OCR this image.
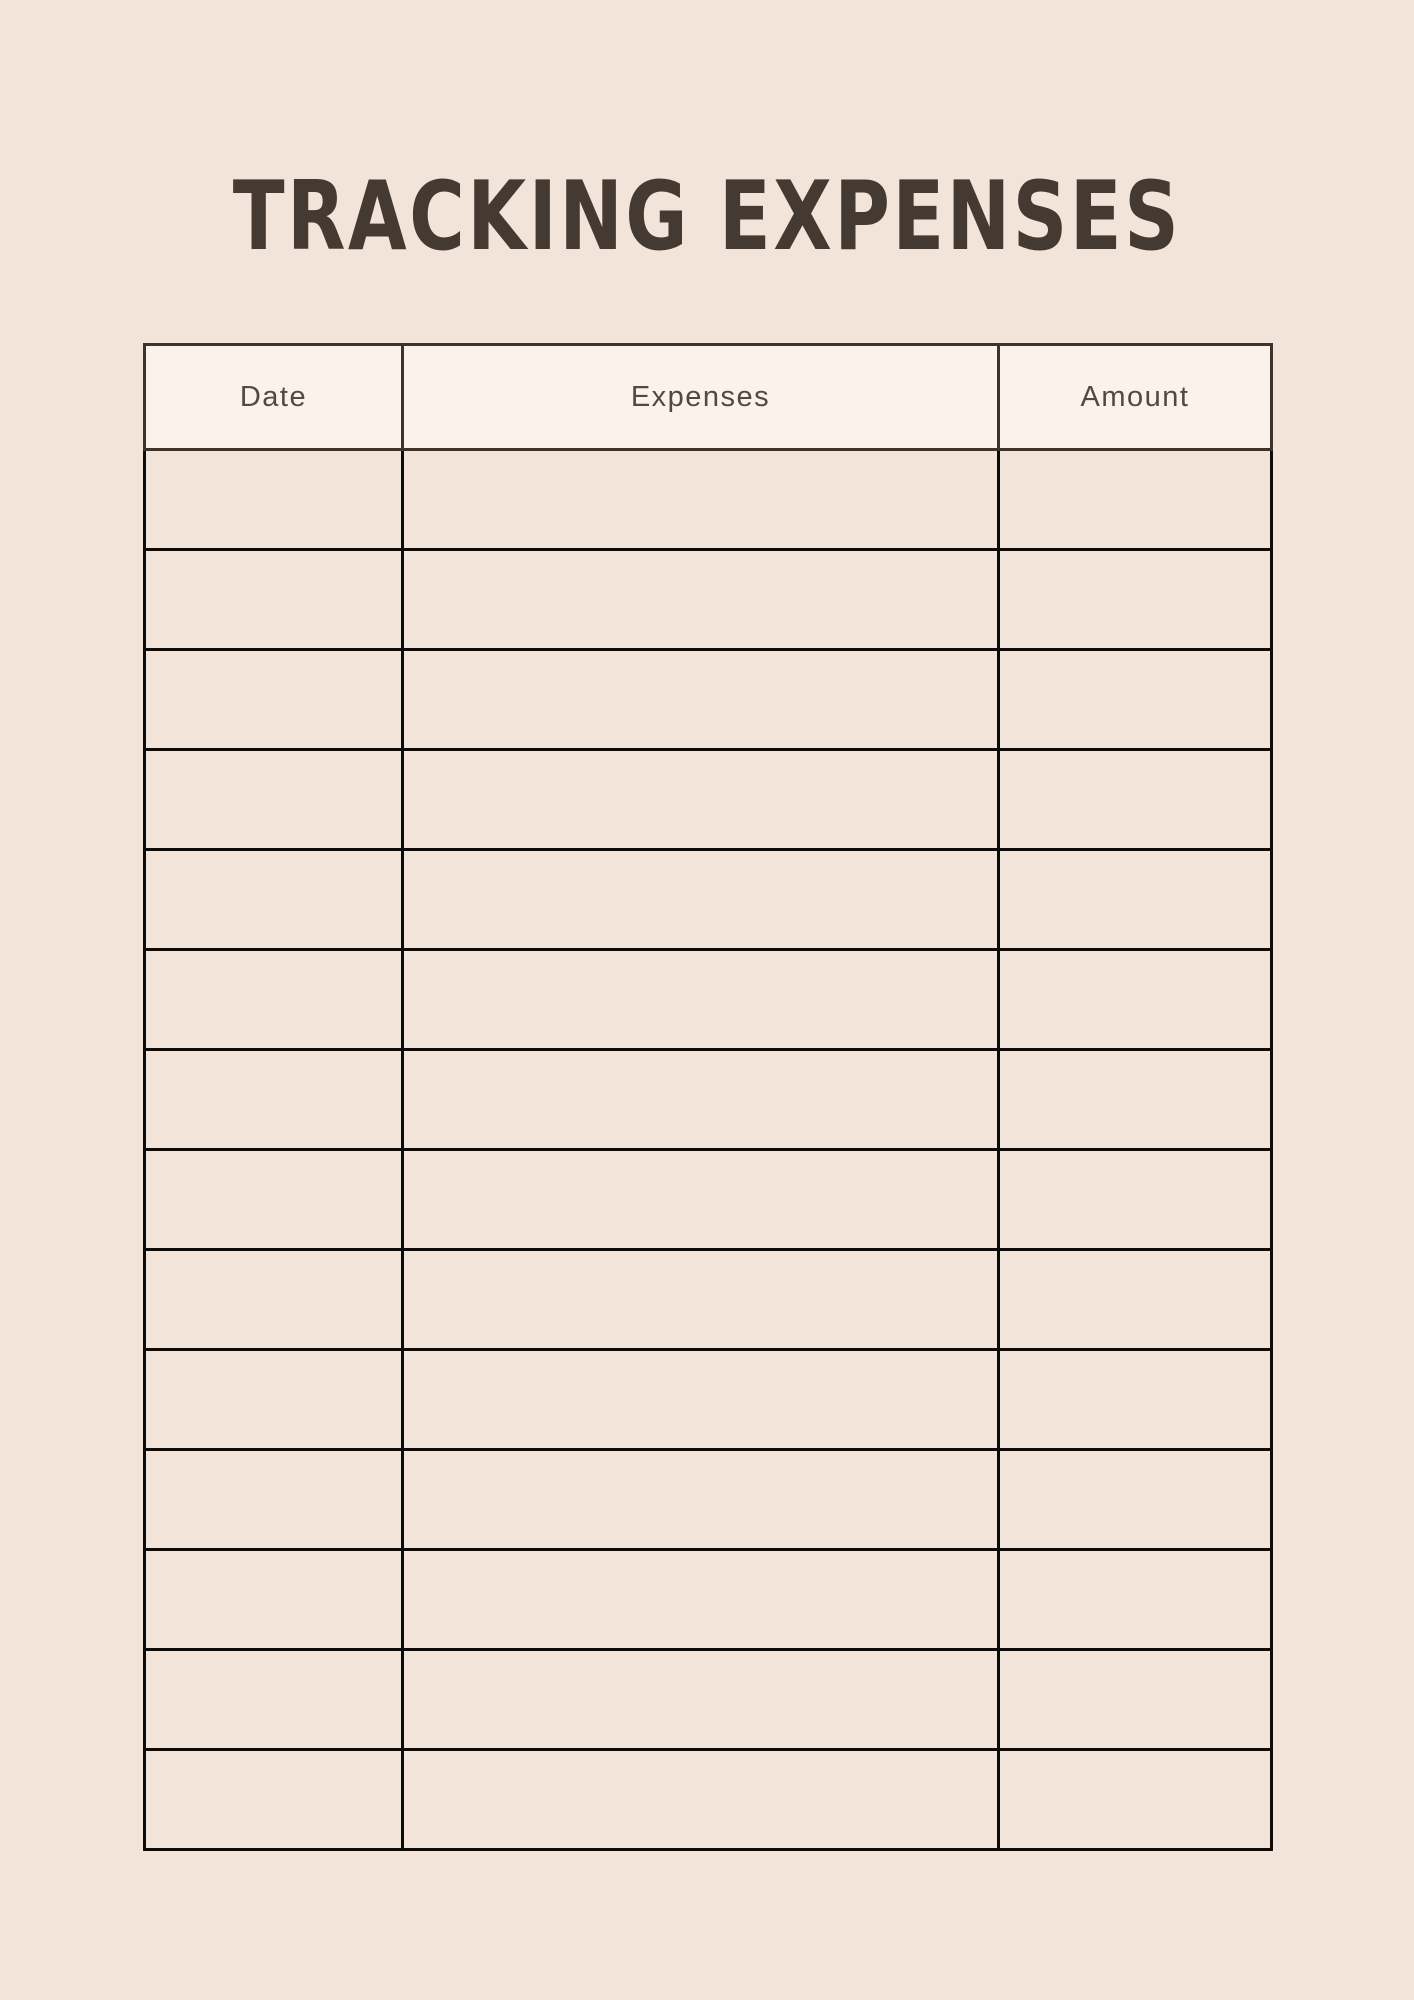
TRACKING EXPENSES
Date	Expenses	Amount
